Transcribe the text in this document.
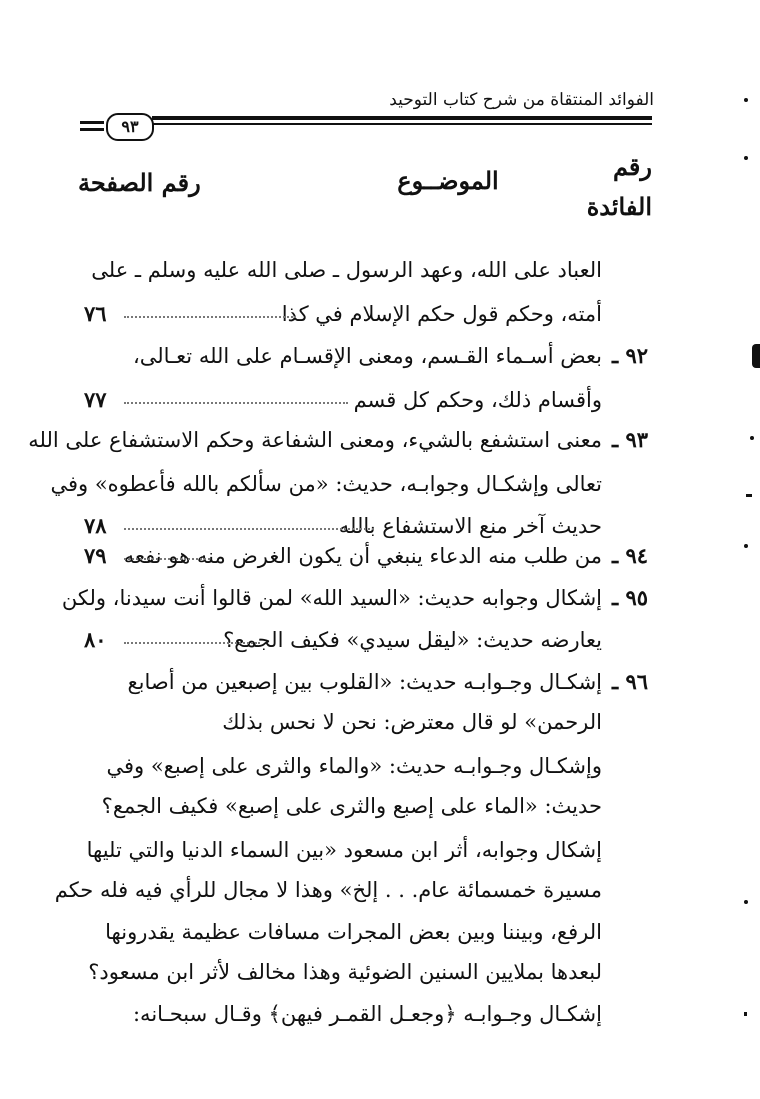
الفوائد المنتقاة من شرح كتاب التوحيد
٩٣
رقم الفائدة
الموضــوع
رقم الصفحة
العباد على الله، وعهد الرسول ـ صلى الله عليه وسلم ـ على
أمته، وحكم قول حكم الإسلام في كذا
٧٦
٩٢ ـ
بعض أسـماء القـسم، ومعنى الإقسـام على الله تعـالى،
وأقسام ذلك، وحكم كل قسم
٧٧
٩٣ ـ
معنى استشفع بالشيء، ومعنى الشفاعة وحكم الاستشفاع على الله
تعالى وإشكـال وجوابـه، حديث: «من سألكم بالله فأعطوه» وفي
حديث آخر منع الاستشفاع بالله
٧٨
٩٤ ـ
من طلب منه الدعاء ينبغي أن يكون الغرض منه هو نفعه
٧٩
٩٥ ـ
إشكال وجوابه حديث: «السيد الله» لمن قالوا أنت سيدنا، ولكن
يعارضه حديث: «ليقل سيدي» فكيف الجمع؟
٨٠
٩٦ ـ
إشكـال وجـوابـه حديث: «القلوب بين إصبعين من أصابع
الرحمن» لو قال معترض: نحن لا نحس بذلك
وإشكـال وجـوابـه حديث: «والماء والثرى على إصبع» وفي
حديث: «الماء على إصبع والثرى على إصبع» فكيف الجمع؟
إشكال وجوابه، أثر ابن مسعود «بين السماء الدنيا والتي تليها
مسيرة خمسمائة عام. . . إلخ» وهذا لا مجال للرأي فيه فله حكم
الرفع، وبيننا وبين بعض المجرات مسافات عظيمة يقدرونها
لبعدها بملايين السنين الضوئية وهذا مخالف لأثر ابن مسعود؟
إشكـال وجـوابـه ﴿وجعـل القمـر فيهن﴾ وقـال سبحـانه:
